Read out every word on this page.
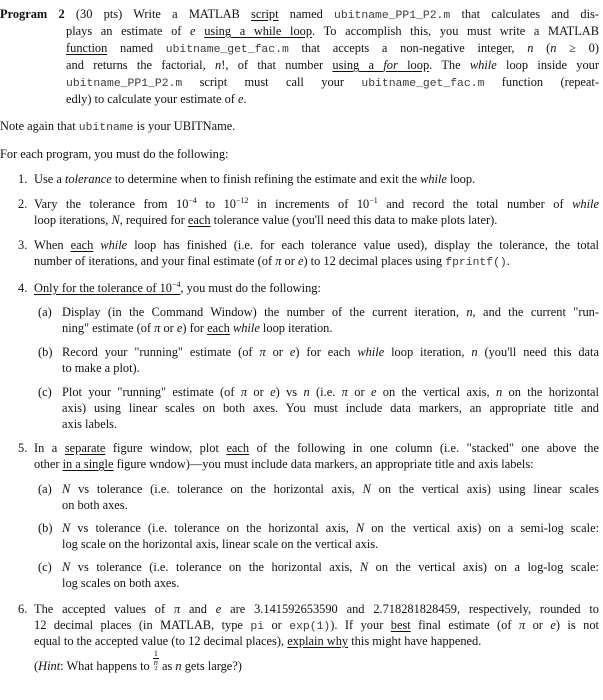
Program 2 (30 pts) Write a MATLAB script named ubitname_PP1_P2.m that calculates and dis-
plays an estimate of e using a while loop. To accomplish this, you must write a MATLAB
function named ubitname_get_fac.m that accepts a non-negative integer, n (n ≥ 0)
and returns the factorial, n!, of that number using a for loop. The while loop inside your
ubitname_PP1_P2.m script must call your ubitname_get_fac.m function (repeat-
edly) to calculate your estimate of e.
Note again that ubitname is your UBITName.
For each program, you must do the following:
1. Use a tolerance to determine when to finish refining the estimate and exit the while loop.
2. Vary the tolerance from $10^{-4}$ to $10^{-12}$ in increments of $10^{-1}$ and record the total number of while
loop iterations, N, required for each tolerance value (you'll need this data to make plots later).
3. When each while loop has finished (i.e. for each tolerance value used), display the tolerance, the total
number of iterations, and your final estimate (of π or e) to 12 decimal places using fprintf().
4. Only for the tolerance of $10^{-4}$, you must do the following:
(a) Display (in the Command Window) the number of the current iteration, n, and the current "run-
ning" estimate (of π or e) for each while loop iteration.
(b) Record your "running" estimate (of π or e) for each while loop iteration, n (you'll need this data
to make a plot).
(c) Plot your "running" estimate (of π or e) vs n (i.e. π or e on the vertical axis, n on the horizontal
axis) using linear scales on both axes. You must include data markers, an appropriate title and
axis labels.
5. In a separate figure window, plot each of the following in one column (i.e. "stacked" one above the
other in a single figure wndow)—you must include data markers, an appropriate title and axis labels:
(a) N vs tolerance (i.e. tolerance on the horizontal axis, N on the vertical axis) using linear scales
on both axes.
(b) N vs tolerance (i.e. tolerance on the horizontal axis, N on the vertical axis) on a semi-log scale:
log scale on the horizontal axis, linear scale on the vertical axis.
(c) N vs tolerance (i.e. tolerance on the horizontal axis, N on the vertical axis) on a log-log scale:
log scales on both axes.
6. The accepted values of π and e are 3.141592653590 and 2.718281828459, respectively, rounded to
12 decimal places (in MATLAB, type pi or exp(1)). If your best final estimate (of π or e) is not
equal to the accepted value (to 12 decimal places), explain why this might have happened.
(Hint: What happens to 1
n
$^2$ as n gets large?)
